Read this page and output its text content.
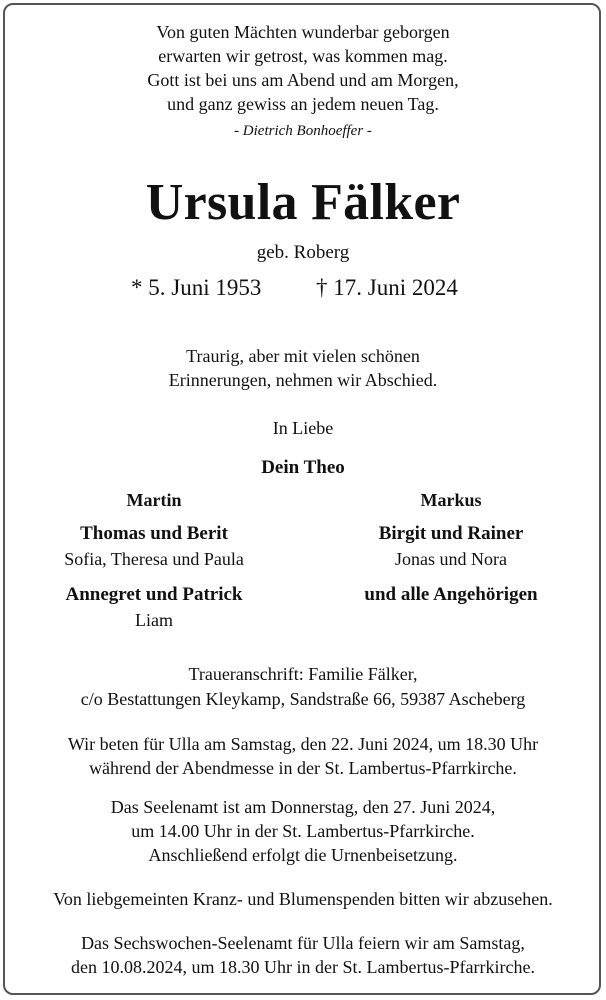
Von guten Mächten wunderbar geborgen
erwarten wir getrost, was kommen mag.
Gott ist bei uns am Abend und am Morgen,
und ganz gewiss an jedem neuen Tag.
- Dietrich Bonhoeffer -
Ursula Fälker
geb. Roberg
* 5. Juni 1953 † 17. Juni 2024
Traurig, aber mit vielen schönen
Erinnerungen, nehmen wir Abschied.
In Liebe
Dein Theo
Martin	Markus
Thomas und Berit	Birgit und Rainer
Sofia, Theresa und Paula	Jonas und Nora
Annegret und Patrick	und alle Angehörigen
Liam
Traueranschrift: Familie Fälker,
c/o Bestattungen Kleykamp, Sandstraße 66, 59387 Ascheberg
Wir beten für Ulla am Samstag, den 22. Juni 2024, um 18.30 Uhr
während der Abendmesse in der St. Lambertus-Pfarrkirche.
Das Seelenamt ist am Donnerstag, den 27. Juni 2024,
um 14.00 Uhr in der St. Lambertus-Pfarrkirche.
Anschließend erfolgt die Urnenbeisetzung.
Von liebgemeinten Kranz- und Blumenspenden bitten wir abzusehen.
Das Sechswochen-Seelenamt für Ulla feiern wir am Samstag,
den 10.08.2024, um 18.30 Uhr in der St. Lambertus-Pfarrkirche.
